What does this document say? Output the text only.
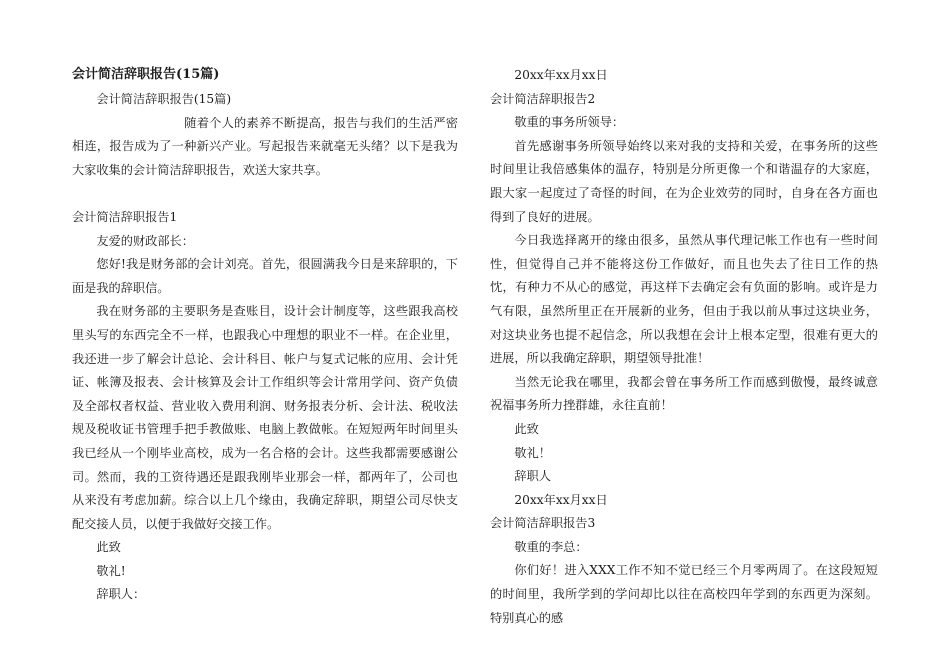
会计简洁辞职报告(15篇)

会计简洁辞职报告(15篇)

随着个人的素养不断提高，报告与我们的生活严密相连，报告成为了一种新兴产业。写起报告来就毫无头绪？以下是我为大家收集的会计简洁辞职报告，欢送大家共享。

会计简洁辞职报告1

友爱的财政部长：

您好!我是财务部的会计刘亮。首先，很圆满我今日是来辞职的，下面是我的辞职信。

我在财务部的主要职务是查账目，设计会计制度等，这些跟我高校里头写的东西完全不一样，也跟我心中理想的职业不一样。在企业里，我还进一步了解会计总论、会计科目、帐户与复式记帐的应用、会计凭证、帐簿及报表、会计核算及会计工作组织等会计常用学问、资产负债及全部权者权益、营业收入费用利润、财务报表分析、会计法、税收法规及税收证书管理手把手教做账、电脑上教做帐。在短短两年时间里头我已经从一个刚毕业高校，成为一名合格的会计。这些我都需要感谢公司。然而，我的工资待遇还是跟我刚毕业那会一样，都两年了，公司也从来没有考虑加薪。综合以上几个缘由，我确定辞职，期望公司尽快支配交接人员，以便于我做好交接工作。

此致

敬礼!

辞职人：

20xx年xx月xx日

会计简洁辞职报告2

敬重的事务所领导：

首先感谢事务所领导始终以来对我的支持和关爱，在事务所的这些时间里让我倍感集体的温存，特别是分所更像一个和谐温存的大家庭，跟大家一起度过了奇怪的时间，在为企业效劳的同时，自身在各方面也得到了良好的进展。

今日我选择离开的缘由很多，虽然从事代理记帐工作也有一些时间性，但觉得自己并不能将这份工作做好，而且也失去了往日工作的热忱，有种力不从心的感觉，再这样下去确定会有负面的影响。或许是力气有限，虽然所里正在开展新的业务，但由于我以前从事过这块业务，对这块业务也提不起信念，所以我想在会计上根本定型，很难有更大的进展，所以我确定辞职，期望领导批准！

当然无论我在哪里，我都会曾在事务所工作而感到傲慢，最终诚意祝福事务所力挫群雄，永往直前！

此致

敬礼！

辞职人

20xx年xx月xx日

会计简洁辞职报告3

敬重的李总：

你们好！进入XXX工作不知不觉已经三个月零两周了。在这段短短的时间里，我所学到的学问却比以往在高校四年学到的东西更为深刻。特别真心的感
